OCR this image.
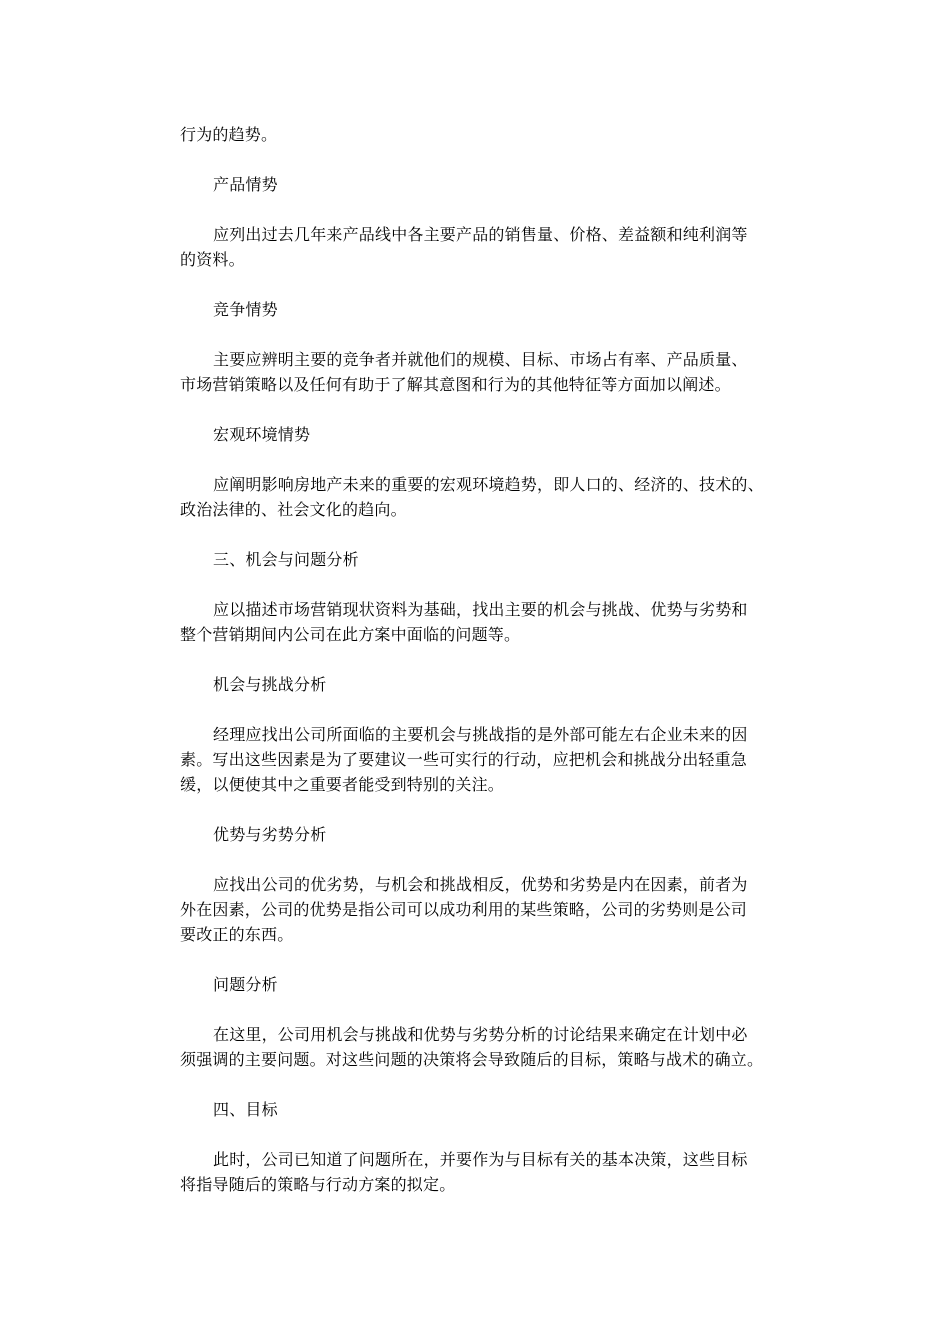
行为的趋势。
产品情势
应列出过去几年来产品线中各主要产品的销售量、价格、差益额和纯利润等
的资料。
竞争情势
主要应辨明主要的竞争者并就他们的规模、目标、市场占有率、产品质量、
市场营销策略以及任何有助于了解其意图和行为的其他特征等方面加以阐述。
宏观环境情势
应阐明影响房地产未来的重要的宏观环境趋势，即人口的、经济的、技术的、
政治法律的、社会文化的趋向。
三、机会与问题分析
应以描述市场营销现状资料为基础，找出主要的机会与挑战、优势与劣势和
整个营销期间内公司在此方案中面临的问题等。
机会与挑战分析
经理应找出公司所面临的主要机会与挑战指的是外部可能左右企业未来的因
素。写出这些因素是为了要建议一些可实行的行动，应把机会和挑战分出轻重急
缓，以便使其中之重要者能受到特别的关注。
优势与劣势分析
应找出公司的优劣势，与机会和挑战相反，优势和劣势是内在因素，前者为
外在因素，公司的优势是指公司可以成功利用的某些策略，公司的劣势则是公司
要改正的东西。
问题分析
在这里，公司用机会与挑战和优势与劣势分析的讨论结果来确定在计划中必
须强调的主要问题。对这些问题的决策将会导致随后的目标，策略与战术的确立。
四、目标
此时，公司已知道了问题所在，并要作为与目标有关的基本决策，这些目标
将指导随后的策略与行动方案的拟定。
